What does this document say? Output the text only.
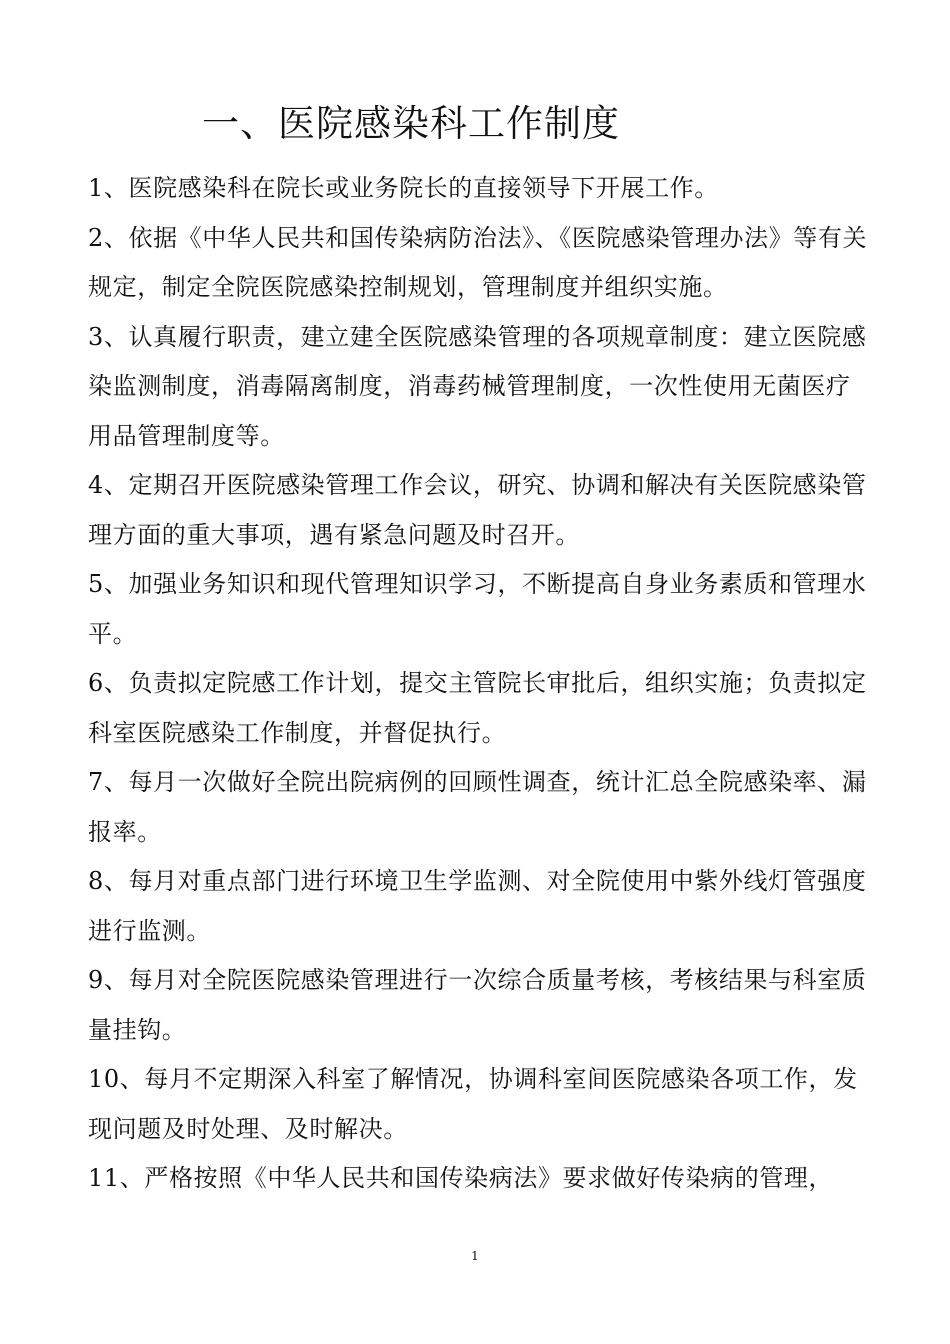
一、医院感染科工作制度

1、医院感染科在院长或业务院长的直接领导下开展工作。

2、依据《中华人民共和国传染病防治法》、《医院感染管理办法》等有关规定，制定全院医院感染控制规划，管理制度并组织实施。

3、认真履行职责，建立建全医院感染管理的各项规章制度：建立医院感染监测制度，消毒隔离制度，消毒药械管理制度，一次性使用无菌医疗用品管理制度等。

4、定期召开医院感染管理工作会议，研究、协调和解决有关医院感染管理方面的重大事项，遇有紧急问题及时召开。

5、加强业务知识和现代管理知识学习，不断提高自身业务素质和管理水平。

6、负责拟定院感工作计划，提交主管院长审批后，组织实施；负责拟定科室医院感染工作制度，并督促执行。

7、每月一次做好全院出院病例的回顾性调查，统计汇总全院感染率、漏报率。

8、每月对重点部门进行环境卫生学监测、对全院使用中紫外线灯管强度进行监测。

9、每月对全院医院感染管理进行一次综合质量考核，考核结果与科室质量挂钩。

10、每月不定期深入科室了解情况，协调科室间医院感染各项工作，发现问题及时处理、及时解决。

11、严格按照《中华人民共和国传染病法》要求做好传染病的管理，

1
